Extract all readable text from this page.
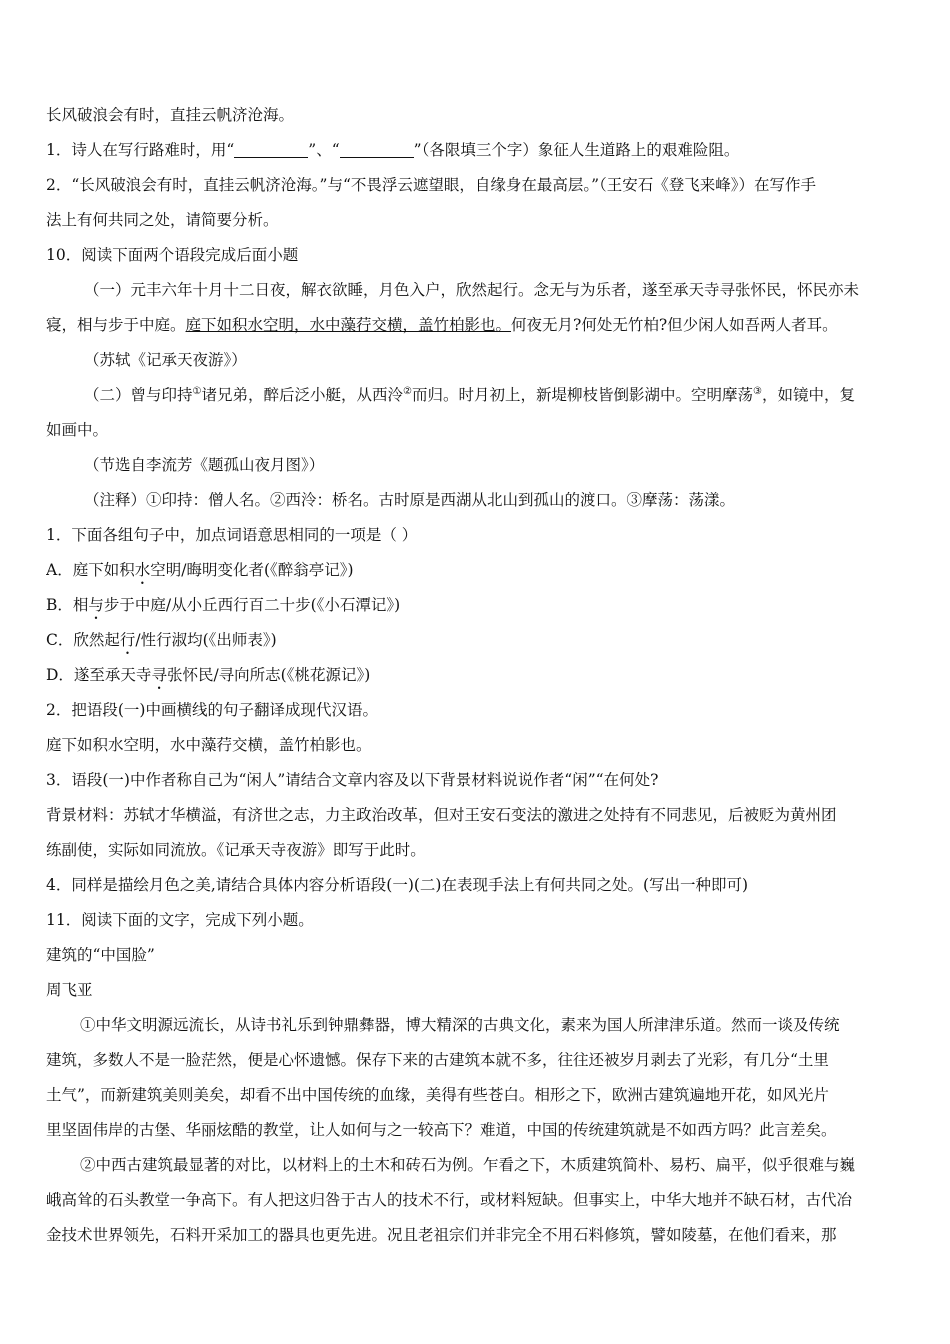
长风破浪会有时，直挂云帆济沧海。
1．诗人在写行路难时，用“	”、“	”（各限填三个字）象征人生道路上的艰难险阻。
2．“长风破浪会有时，直挂云帆济沧海。”与“不畏浮云遮望眼，自缘身在最高层。”（王安石《登飞来峰》）在写作手
法上有何共同之处，请简要分析。
10．阅读下面两个语段完成后面小题
（一）元丰六年十月十二日夜，解衣欲睡，月色入户，欣然起行。念无与为乐者，遂至承天寺寻张怀民，怀民亦未
寝，相与步于中庭。庭下如积水空明，水中藻荇交横，盖竹柏影也。何夜无月?何处无竹柏?但少闲人如吾两人者耳。
（苏轼《记承天夜游》）
（二）曾与印持①诸兄弟，醉后泛小艇，从西泠②而归。时月初上，新堤柳枝皆倒影湖中。空明摩荡③，如镜中，复
如画中。
（节选自李流芳《题孤山夜月图》）
（注释）①印持：僧人名。②西泠：桥名。古时原是西湖从北山到孤山的渡口。③摩荡：荡漾。
1．下面各组句子中，加点词语意思相同的一项是（ ）
A．庭下如积水空明/晦明变化者(《醉翁亭记》)
B．相与步于中庭/从小丘西行百二十步(《小石潭记》)
C．欣然起行/性行淑均(《出师表》)
D．遂至承天寺寻张怀民/寻向所志(《桃花源记》)
2．把语段(一)中画横线的句子翻译成现代汉语。
庭下如积水空明，水中藻荇交横，盖竹柏影也。
3．语段(一)中作者称自己为“闲人”请结合文章内容及以下背景材料说说作者“闲”“在何处?
背景材料：苏轼才华横溢，有济世之志，力主政治改革，但对王安石变法的激进之处持有不同悲见，后被贬为黄州团
练副使，实际如同流放。《记承天寺夜游》即写于此时。
4．同样是描绘月色之美,请结合具体内容分析语段(一)(二)在表现手法上有何共同之处。(写出一种即可)
11．阅读下面的文字，完成下列小题。
建筑的“中国脸”
周飞亚
①中华文明源远流长，从诗书礼乐到钟鼎彝器，博大精深的古典文化，素来为国人所津津乐道。然而一谈及传统
建筑，多数人不是一脸茫然，便是心怀遗憾。保存下来的古建筑本就不多，往往还被岁月剥去了光彩，有几分“土里
土气”，而新建筑美则美矣，却看不出中国传统的血缘，美得有些苍白。相形之下，欧洲古建筑遍地开花，如风光片
里坚固伟岸的古堡、华丽炫酷的教堂，让人如何与之一较高下？难道，中国的传统建筑就是不如西方吗？此言差矣。
②中西古建筑最显著的对比，以材料上的土木和砖石为例。乍看之下，木质建筑简朴、易朽、扁平，似乎很难与巍
峨高耸的石头教堂一争高下。有人把这归咎于古人的技术不行，或材料短缺。但事实上，中华大地并不缺石材，古代冶
金技术世界领先，石料开采加工的器具也更先进。况且老祖宗们并非完全不用石料修筑，譬如陵墓，在他们看来，那
